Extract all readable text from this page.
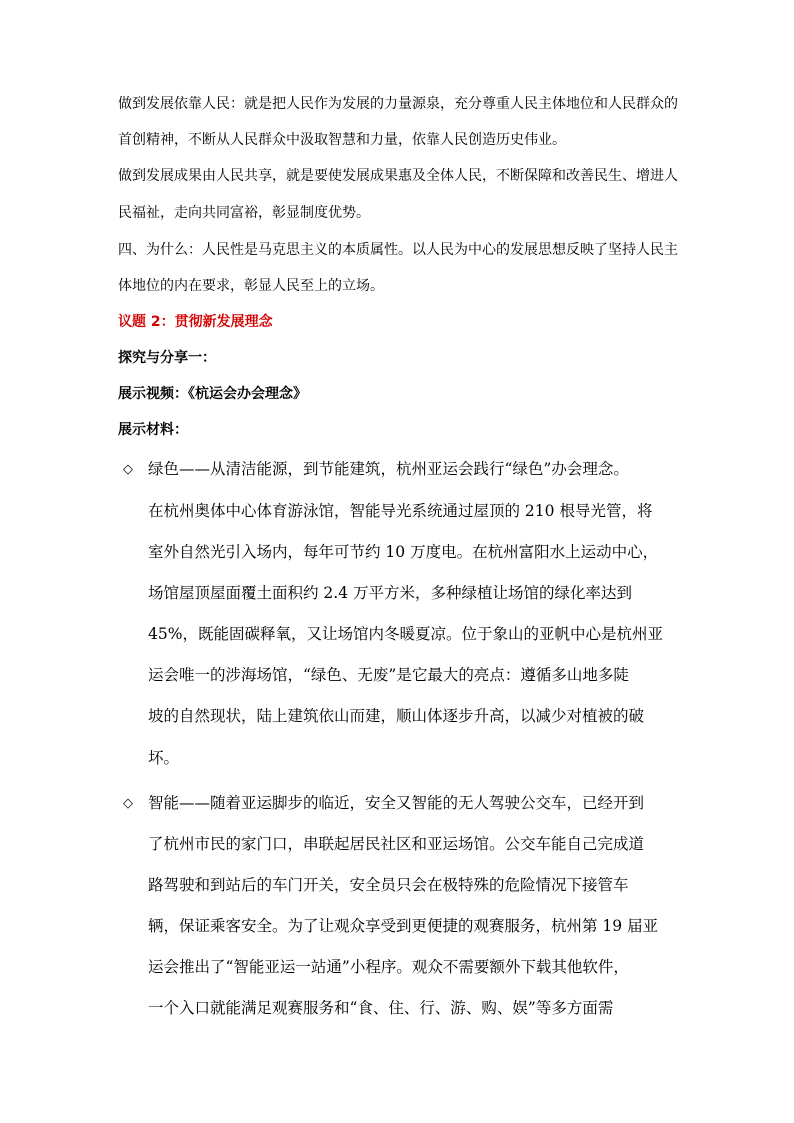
做到发展依靠人民：就是把人民作为发展的力量源泉，充分尊重人民主体地位和人民群众的
首创精神，不断从人民群众中汲取智慧和力量，依靠人民创造历史伟业。
做到发展成果由人民共享，就是要使发展成果惠及全体人民，不断保障和改善民生、增进人
民福祉，走向共同富裕，彰显制度优势。
四、为什么：人民性是马克思主义的本质属性。以人民为中心的发展思想反映了坚持人民主
体地位的内在要求，彰显人民至上的立场。
议题 2：贯彻新发展理念
探究与分享一：
展示视频：《杭运会办会理念》
展示材料：
◇ 绿色——从清洁能源，到节能建筑，杭州亚运会践行“绿色”办会理念。
在杭州奥体中心体育游泳馆，智能导光系统通过屋顶的 210 根导光管，将
室外自然光引入场内，每年可节约 10 万度电。在杭州富阳水上运动中心，
场馆屋顶屋面覆土面积约 2.4 万平方米，多种绿植让场馆的绿化率达到
45%，既能固碳释氧，又让场馆内冬暖夏凉。位于象山的亚帆中心是杭州亚
运会唯一的涉海场馆，“绿色、无废”是它最大的亮点：遵循多山地多陡
坡的自然现状，陆上建筑依山而建，顺山体逐步升高，以减少对植被的破
坏。
◇ 智能——随着亚运脚步的临近，安全又智能的无人驾驶公交车，已经开到
了杭州市民的家门口，串联起居民社区和亚运场馆。公交车能自己完成道
路驾驶和到站后的车门开关，安全员只会在极特殊的危险情况下接管车
辆，保证乘客安全。为了让观众享受到更便捷的观赛服务，杭州第 19 届亚
运会推出了“智能亚运一站通”小程序。观众不需要额外下载其他软件，
一个入口就能满足观赛服务和“食、住、行、游、购、娱”等多方面需
